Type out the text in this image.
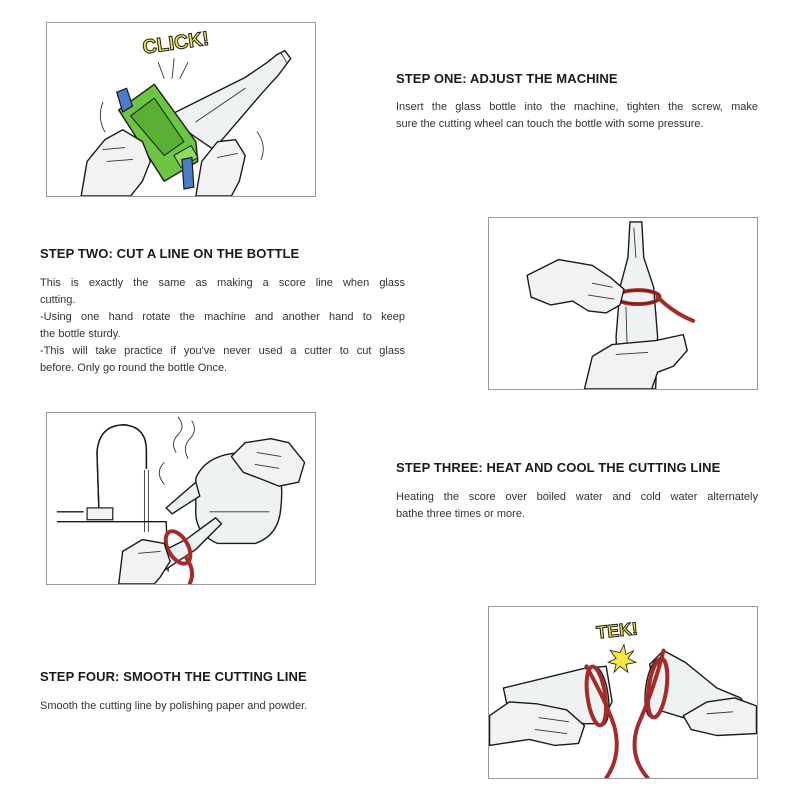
CLICK!
STEP ONE: ADJUST THE MACHINE

Insert the glass bottle into the machine, tighten the screw, make
sure the cutting wheel can touch the bottle with some pressure.

STEP TWO: CUT A LINE ON THE BOTTLE

This is exactly the same as making a score line when glass
cutting.
-Using one hand rotate the machine and another hand to keep
the bottle sturdy.
-This will take practice if you've never used a cutter to cut glass
before. Only go round the bottle Once.

STEP THREE: HEAT AND COOL THE CUTTING LINE

Heating the score over boiled water and cold water alternately
bathe three times or more.

STEP FOUR: SMOOTH THE CUTTING LINE

Smooth the cutting line by polishing paper and powder.

TEK!
